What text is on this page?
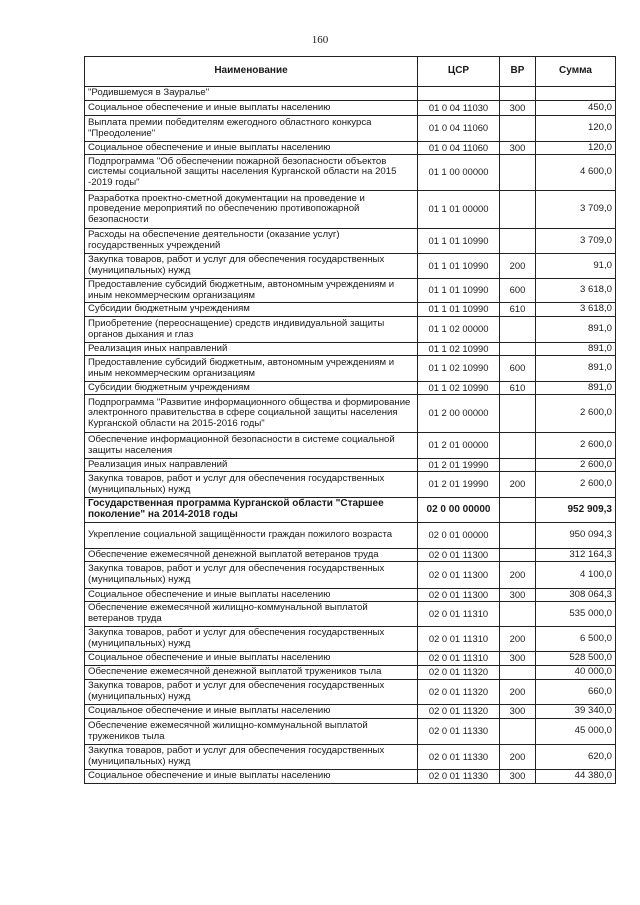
160
Наименование	ЦСР	ВР	Сумма
"Родившемуся в Зауралье"			
Социальное обеспечение и иные выплаты населению	01 0 04 11030	300	450,0
Выплата премии победителям ежегодного областного конкурса "Преодоление"	01 0 04 11060		120,0
Социальное обеспечение и иные выплаты населению	01 0 04 11060	300	120,0
Подпрограмма "Об обеспечении пожарной безопасности объектов системы социальной защиты населения Курганской области на 2015 -2019 годы"	01 1 00 00000		4 600,0
Разработка проектно-сметной документации на проведение и проведение мероприятий по обеспечению противопожарной безопасности	01 1 01 00000		3 709,0
Расходы на обеспечение деятельности (оказание услуг) государственных учреждений	01 1 01 10990		3 709,0
Закупка товаров, работ и услуг для обеспечения государственных (муниципальных) нужд	01 1 01 10990	200	91,0
Предоставление субсидий бюджетным, автономным учреждениям и иным некоммерческим организациям	01 1 01 10990	600	3 618,0
Субсидии бюджетным учреждениям	01 1 01 10990	610	3 618,0
Приобретение (переоснащение) средств индивидуальной защиты органов дыхания и глаз	01 1 02 00000		891,0
Реализация иных направлений	01 1 02 10990		891,0
Предоставление субсидий бюджетным, автономным учреждениям и иным некоммерческим организациям	01 1 02 10990	600	891,0
Субсидии бюджетным учреждениям	01 1 02 10990	610	891,0
Подпрограмма "Развитие информационного общества и формирование электронного правительства в сфере социальной защиты населения Курганской области на 2015-2016 годы"	01 2 00 00000		2 600,0
Обеспечение информационной безопасности в системе социальной защиты населения	01 2 01 00000		2 600,0
Реализация иных направлений	01 2 01 19990		2 600,0
Закупка товаров, работ и услуг для обеспечения государственных (муниципальных) нужд	01 2 01 19990	200	2 600,0
Государственная программа Курганской области "Старшее поколение" на 2014-2018 годы	02 0 00 00000		952 909,3
Укрепление социальной защищённости граждан пожилого возраста	02 0 01 00000		950 094,3
Обеспечение ежемесячной денежной выплатой ветеранов труда	02 0 01 11300		312 164,3
Закупка товаров, работ и услуг для обеспечения государственных (муниципальных) нужд	02 0 01 11300	200	4 100,0
Социальное обеспечение и иные выплаты населению	02 0 01 11300	300	308 064,3
Обеспечение ежемесячной жилищно-коммунальной выплатой ветеранов труда	02 0 01 11310		535 000,0
Закупка товаров, работ и услуг для обеспечения государственных (муниципальных) нужд	02 0 01 11310	200	6 500,0
Социальное обеспечение и иные выплаты населению	02 0 01 11310	300	528 500,0
Обеспечение ежемесячной денежной выплатой тружеников тыла	02 0 01 11320		40 000,0
Закупка товаров, работ и услуг для обеспечения государственных (муниципальных) нужд	02 0 01 11320	200	660,0
Социальное обеспечение и иные выплаты населению	02 0 01 11320	300	39 340,0
Обеспечение ежемесячной жилищно-коммунальной выплатой тружеников тыла	02 0 01 11330		45 000,0
Закупка товаров, работ и услуг для обеспечения государственных (муниципальных) нужд	02 0 01 11330	200	620,0
Социальное обеспечение и иные выплаты населению	02 0 01 11330	300	44 380,0
